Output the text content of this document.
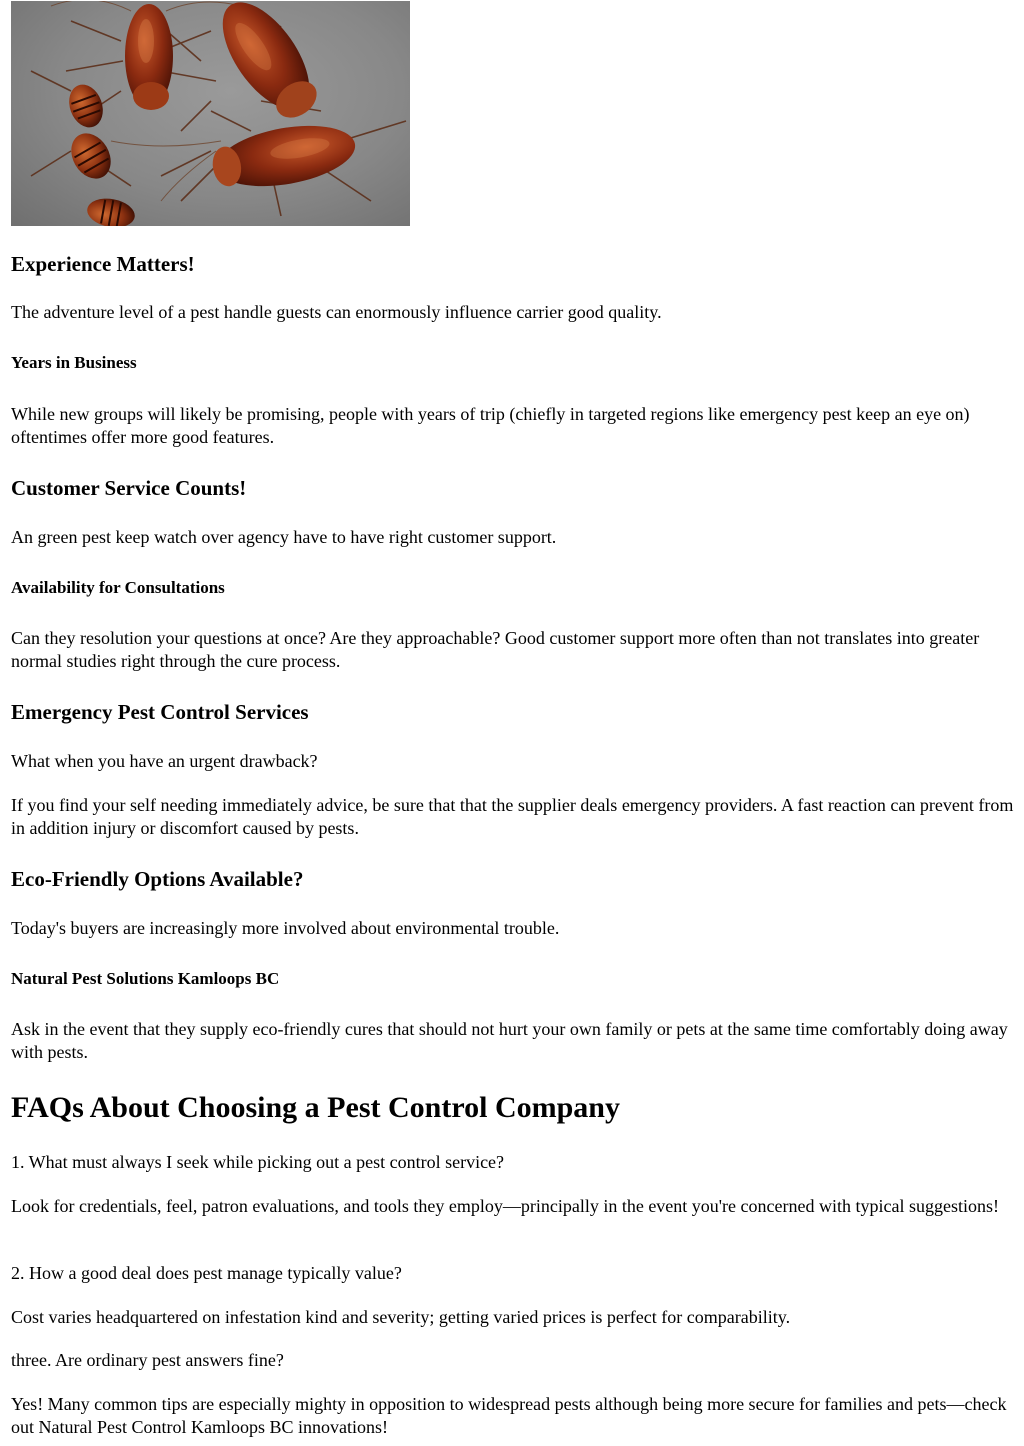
Experience Matters!

The adventure level of a pest handle guests can enormously influence carrier good quality.

Years in Business

While new groups will likely be promising, people with years of trip (chiefly in targeted regions like emergency pest keep an eye on) oftentimes offer more good features.

Customer Service Counts!

An green pest keep watch over agency have to have right customer support.

Availability for Consultations

Can they resolution your questions at once? Are they approachable? Good customer support more often than not translates into greater normal studies right through the cure process.

Emergency Pest Control Services

What when you have an urgent drawback?

If you find your self needing immediately advice, be sure that that the supplier deals emergency providers. A fast reaction can prevent from in addition injury or discomfort caused by pests.

Eco-Friendly Options Available?

Today's buyers are increasingly more involved about environmental trouble.

Natural Pest Solutions Kamloops BC

Ask in the event that they supply eco-friendly cures that should not hurt your own family or pets at the same time comfortably doing away with pests.

FAQs About Choosing a Pest Control Company

1. What must always I seek while picking out a pest control service?

Look for credentials, feel, patron evaluations, and tools they employ—principally in the event you're concerned with typical suggestions!

2. How a good deal does pest manage typically value?

Cost varies headquartered on infestation kind and severity; getting varied prices is perfect for comparability.

three. Are ordinary pest answers fine?

Yes! Many common tips are especially mighty in opposition to widespread pests although being more secure for families and pets—check out Natural Pest Control Kamloops BC innovations!
